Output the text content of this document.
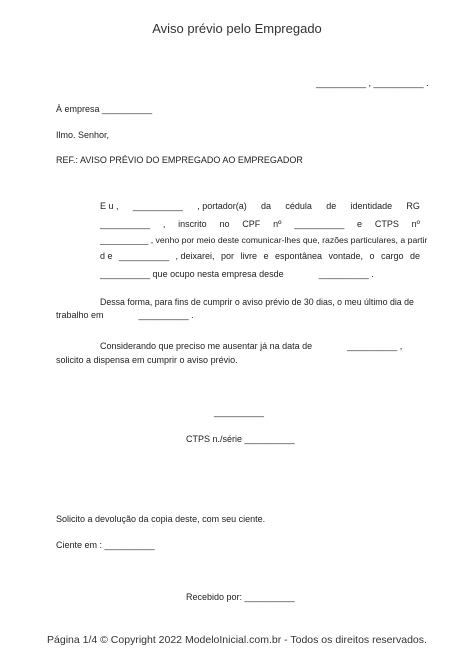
Aviso prévio pelo Empregado
__________ , __________ .
À empresa __________
Ilmo. Senhor,
REF.: AVISO PRÉVIO DO EMPREGADO AO EMPREGADOR
E u , __________ , portador(a) da cédula de identidade RG
__________ , inscrito no CPF nº __________ e CTPS nº
__________ , venho por meio deste comunicar-lhes que, razões particulares, a partir
d e __________ , deixarei, por livre e espontânea vontade, o cargo de
__________ que ocupo nesta empresa desde              __________ .
Dessa forma, para fins de cumprir o aviso prévio de 30 dias, o meu último dia de
trabalho em              __________ .
Considerando que preciso me ausentar já na data de              __________ ,
solicito a dispensa em cumprir o aviso prévio.
__________
CTPS n./série __________
Solicito a devolução da copia deste, com seu ciente.
Ciente em : __________
Recebido por: __________
Página 1/4 © Copyright 2022 ModeloInicial.com.br - Todos os direitos reservados.
